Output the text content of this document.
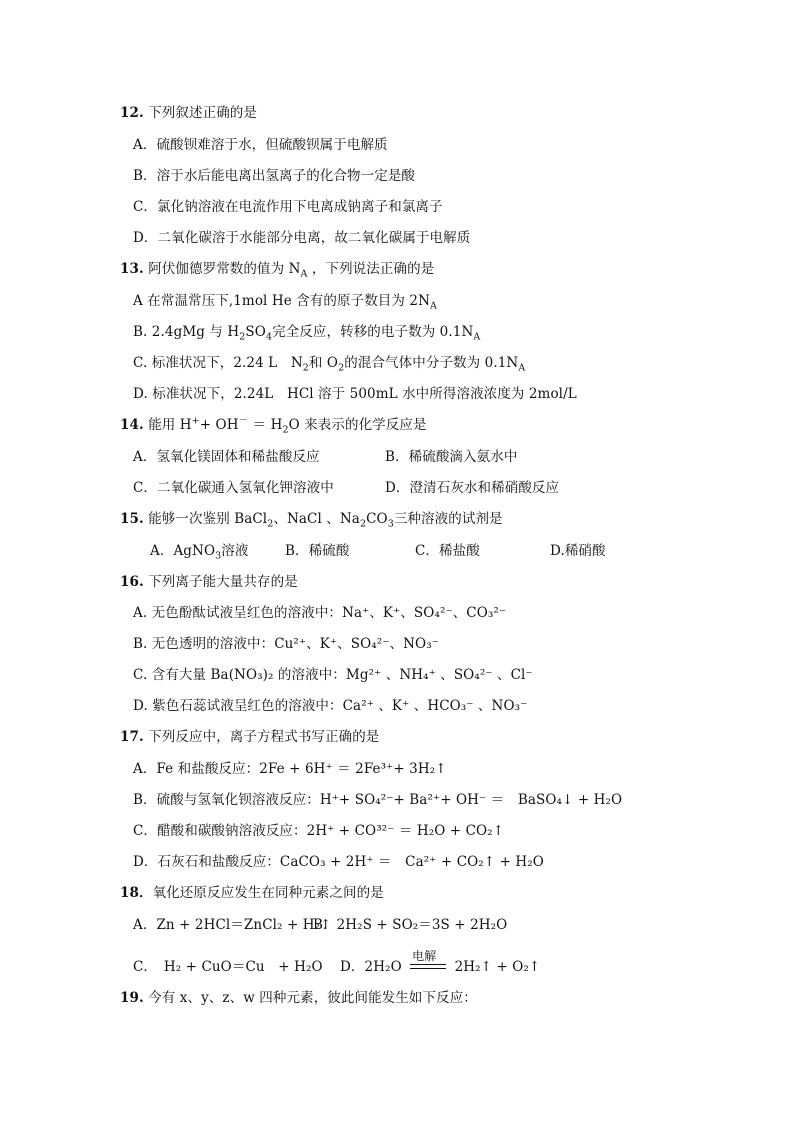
12. 下列叙述正确的是
A．硫酸钡难溶于水，但硫酸钡属于电解质
B．溶于水后能电离出氢离子的化合物一定是酸
C．氯化钠溶液在电流作用下电离成钠离子和氯离子
D．二氧化碳溶于水能部分电离，故二氧化碳属于电解质
13. 阿伏伽德罗常数的值为 $N_A$ ，下列说法正确的是
A 在常温常压下,1mol He 含有的原子数目为 $2N_A$
B. 2.4gMg 与 $H_2SO_4$完全反应，转移的电子数为 $0.1N_A$
C. 标准状况下，2.24 L　$N_2$和 $O_2$的混合气体中分子数为 $0.1N_A$
D. 标准状况下，2.24L　HCl 溶于 500mL 水中所得溶液浓度为 2mol/L
14. 能用 $H^++ OH^- = H_2O$ 来表示的化学反应是
A．氢氧化镁固体和稀盐酸反应	B．稀硫酸滴入氨水中
C．二氧化碳通入氢氧化钾溶液中	D．澄清石灰水和稀硝酸反应
15. 能够一次鉴别 BaCl$_2$、NaCl 、$Na_2CO_3$三种溶液的试剂是
A．AgNO$_3$溶液	B．稀硫酸	C．稀盐酸	D.稀硝酸
16. 下列离子能大量共存的是
A. 无色酚酞试液呈红色的溶液中：Na⁺、K⁺、SO₄²⁻、CO₃²⁻
B. 无色透明的溶液中：Cu²⁺、K⁺、SO₄²⁻、NO₃⁻
C. 含有大量 Ba(NO₃)₂ 的溶液中：Mg²⁺ 、NH₄⁺ 、SO₄²⁻ 、Cl⁻
D. 紫色石蕊试液呈红色的溶液中：Ca²⁺ 、K⁺ 、HCO₃⁻ 、NO₃⁻
17. 下列反应中，离子方程式书写正确的是
A．Fe 和盐酸反应：2Fe + 6H⁺ ＝ 2Fe³⁺+ 3H₂↑
B．硫酸与氢氧化钡溶液反应：H⁺+ SO₄²⁻+ Ba²⁺+ OH⁻ ＝　BaSO₄↓ + H₂O
C．醋酸和碳酸钠溶液反应：2H⁺ + CO³²⁻ ＝ H₂O + CO₂↑
D．石灰石和盐酸反应：CaCO₃ + 2H⁺ ＝　Ca²⁺ + CO₂↑ + H₂O
18．氧化还原反应发生在同种元素之间的是
A．Zn + 2HCl＝ZnCl₂ + H₂↑
B．2H₂S + SO₂＝3S + 2H₂O
C．　H₂ + CuO＝Cu　+ H₂O D．2H₂O
电解
2H₂↑ + O₂↑
19. 今有 x、y、z、w 四种元素，彼此间能发生如下反应：
